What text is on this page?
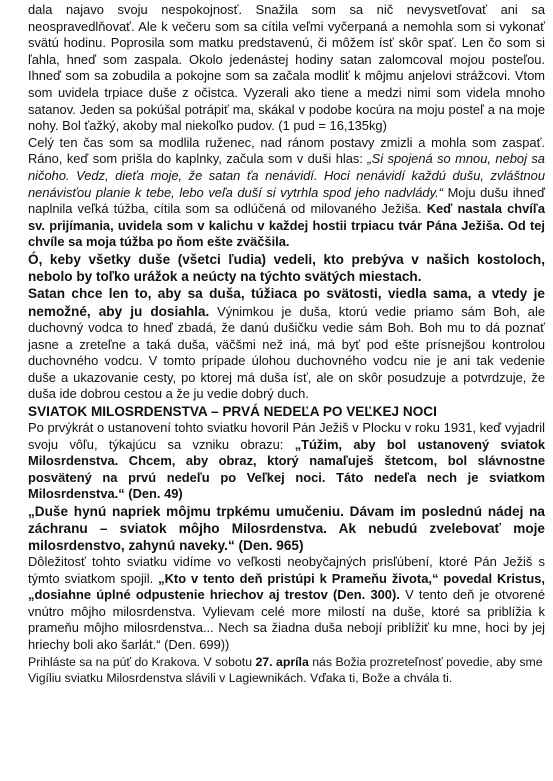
dala najavo svoju nespokojnosť. Snažila som sa nič nevysvetľovať ani sa neospravedlňovať. Ale k večeru som sa cítila veľmi vyčerpaná a nemohla som si vykonať svätú hodinu. Poprosila som matku predstavenú, či môžem ísť skôr spať. Len čo som si ľahla, hneď som zaspala. Okolo jedenástej hodiny satan zalomcoval mojou posteľou. Ihneď som sa zobudila a pokojne som sa začala modliť k môjmu anjelovi strážcovi. Vtom som uvidela trpiace duše z očistca. Vyzerali ako tiene a medzi nimi som videla mnoho satanov. Jeden sa pokúšal potrápiť ma, skákal v podobe kocúra na moju posteľ a na moje nohy. Bol ťažký, akoby mal niekoľko pudov. (1 pud = 16,135kg)

Celý ten čas som sa modlila ruženec, nad ránom postavy zmizli a mohla som zaspať. Ráno, keď som prišla do kaplnky, začula som v duši hlas: „Si spojená so mnou, neboj sa ničoho. Vedz, dieťa moje, že satan ťa nenávidí. Hoci nenávidí každú dušu, zvláštnou nenávisťou planie k tebe, lebo veľa duší si vytrhla spod jeho nadvlády.“ Moju dušu ihneď naplnila veľká túžba, cítila som sa odlúčená od milovaného Ježiša. Keď nastala chvíľa sv. prijímania, uvidela som v kalichu v každej hostii trpiacu tvár Pána Ježiša. Od tej chvíle sa moja túžba po ňom ešte zväčšila.

Ó, keby všetky duše (všetci ľudia) vedeli, kto prebýva v našich kostoloch, nebolo by toľko urážok a neúcty na týchto svätých miestach.

Satan chce len to, aby sa duša, túžiaca po svätosti, viedla sama, a vtedy je nemožné, aby ju dosiahla. Výnimkou je duša, ktorú vedie priamo sám Boh, ale duchovný vodca to hneď zbadá, že danú dušičku vedie sám Boh. Boh mu to dá poznať jasne a zreteľne a taká duša, väčšmi než iná, má byť pod ešte prísnejšou kontrolou duchovného vodcu. V tomto prípade úlohou duchovného vodcu nie je ani tak vedenie duše a ukazovanie cesty, po ktorej má duša ísť, ale on skôr posudzuje a potvrdzuje, že duša ide dobrou cestou a že ju vedie dobrý duch.

SVIATOK MILOSRDENSTVA – PRVÁ NEDEĽA PO VEĽKEJ NOCI

Po prvýkrát o ustanovení tohto sviatku hovoril Pán Ježiš v Plocku v roku 1931, keď vyjadril svoju vôľu, týkajúcu sa vzniku obrazu: „Túžim, aby bol ustanovený sviatok Milosrdenstva. Chcem, aby obraz, ktorý namaľuješ štetcom, bol slávnostne posvätený na prvú nedeľu po Veľkej noci. Táto nedeľa nech je sviatkom Milosrdenstva.“ (Den. 49)

„Duše hynú napriek môjmu trpkému umučeniu. Dávam im poslednú nádej na záchranu – sviatok môjho Milosrdenstva. Ak nebudú zvelebovať moje milosrdenstvo, zahynú naveky.“ (Den. 965)

Dôležitosť tohto sviatku vidíme vo veľkosti neobyčajných prisľúbení, ktoré Pán Ježiš s týmto sviatkom spojil. „Kto v tento deň pristúpi k Prameňu života,“ povedal Kristus, „dosiahne úplné odpustenie hriechov aj trestov (Den. 300). V tento deň je otvorené vnútro môjho milosrdenstva. Vylievam celé more milostí na duše, ktoré sa priblížia k prameňu môjho milosrdenstva... Nech sa žiadna duša nebojí priblížiť ku mne, hoci by jej hriechy boli ako šarlát.“ (Den. 699))

Prihláste sa na púť do Krakova. V sobotu 27. apríla nás Božia prozreteľnosť povedie, aby sme Vigíliu sviatku Milosrdenstva slávili v Lagiewnikách. Vďaka ti, Bože a chvála ti.
